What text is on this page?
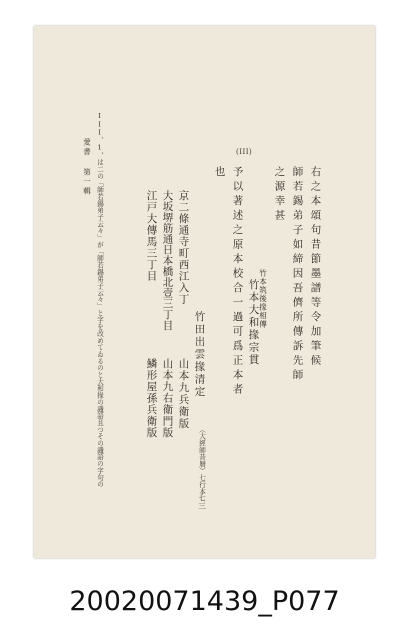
(III)
右之本頌句昔節墨譜等令加筆候
師若錫弟子如締因吾儕所傳訴先師
之源幸甚
竹本筑後掾相傳
竹本大和掾宗貫
予以著述之原本校合一過可爲正本者
也
竹田出雲掾清定
京二條通寺町西江入丁
大坂堺筋通日本橋北壹三丁目
江戸大傳馬三丁目
山本九兵衛版
山本九右衛門版
鱗形屋孫兵衛版
（大經師昔暦）七行本
七三
III、1、は⼆の「師若錫弟子云々」が「師若錫弟子云々」と字を改めてゐるのと大和掾の識語且つその識語の字句の
愛書 第一輯
20020071439_P077
